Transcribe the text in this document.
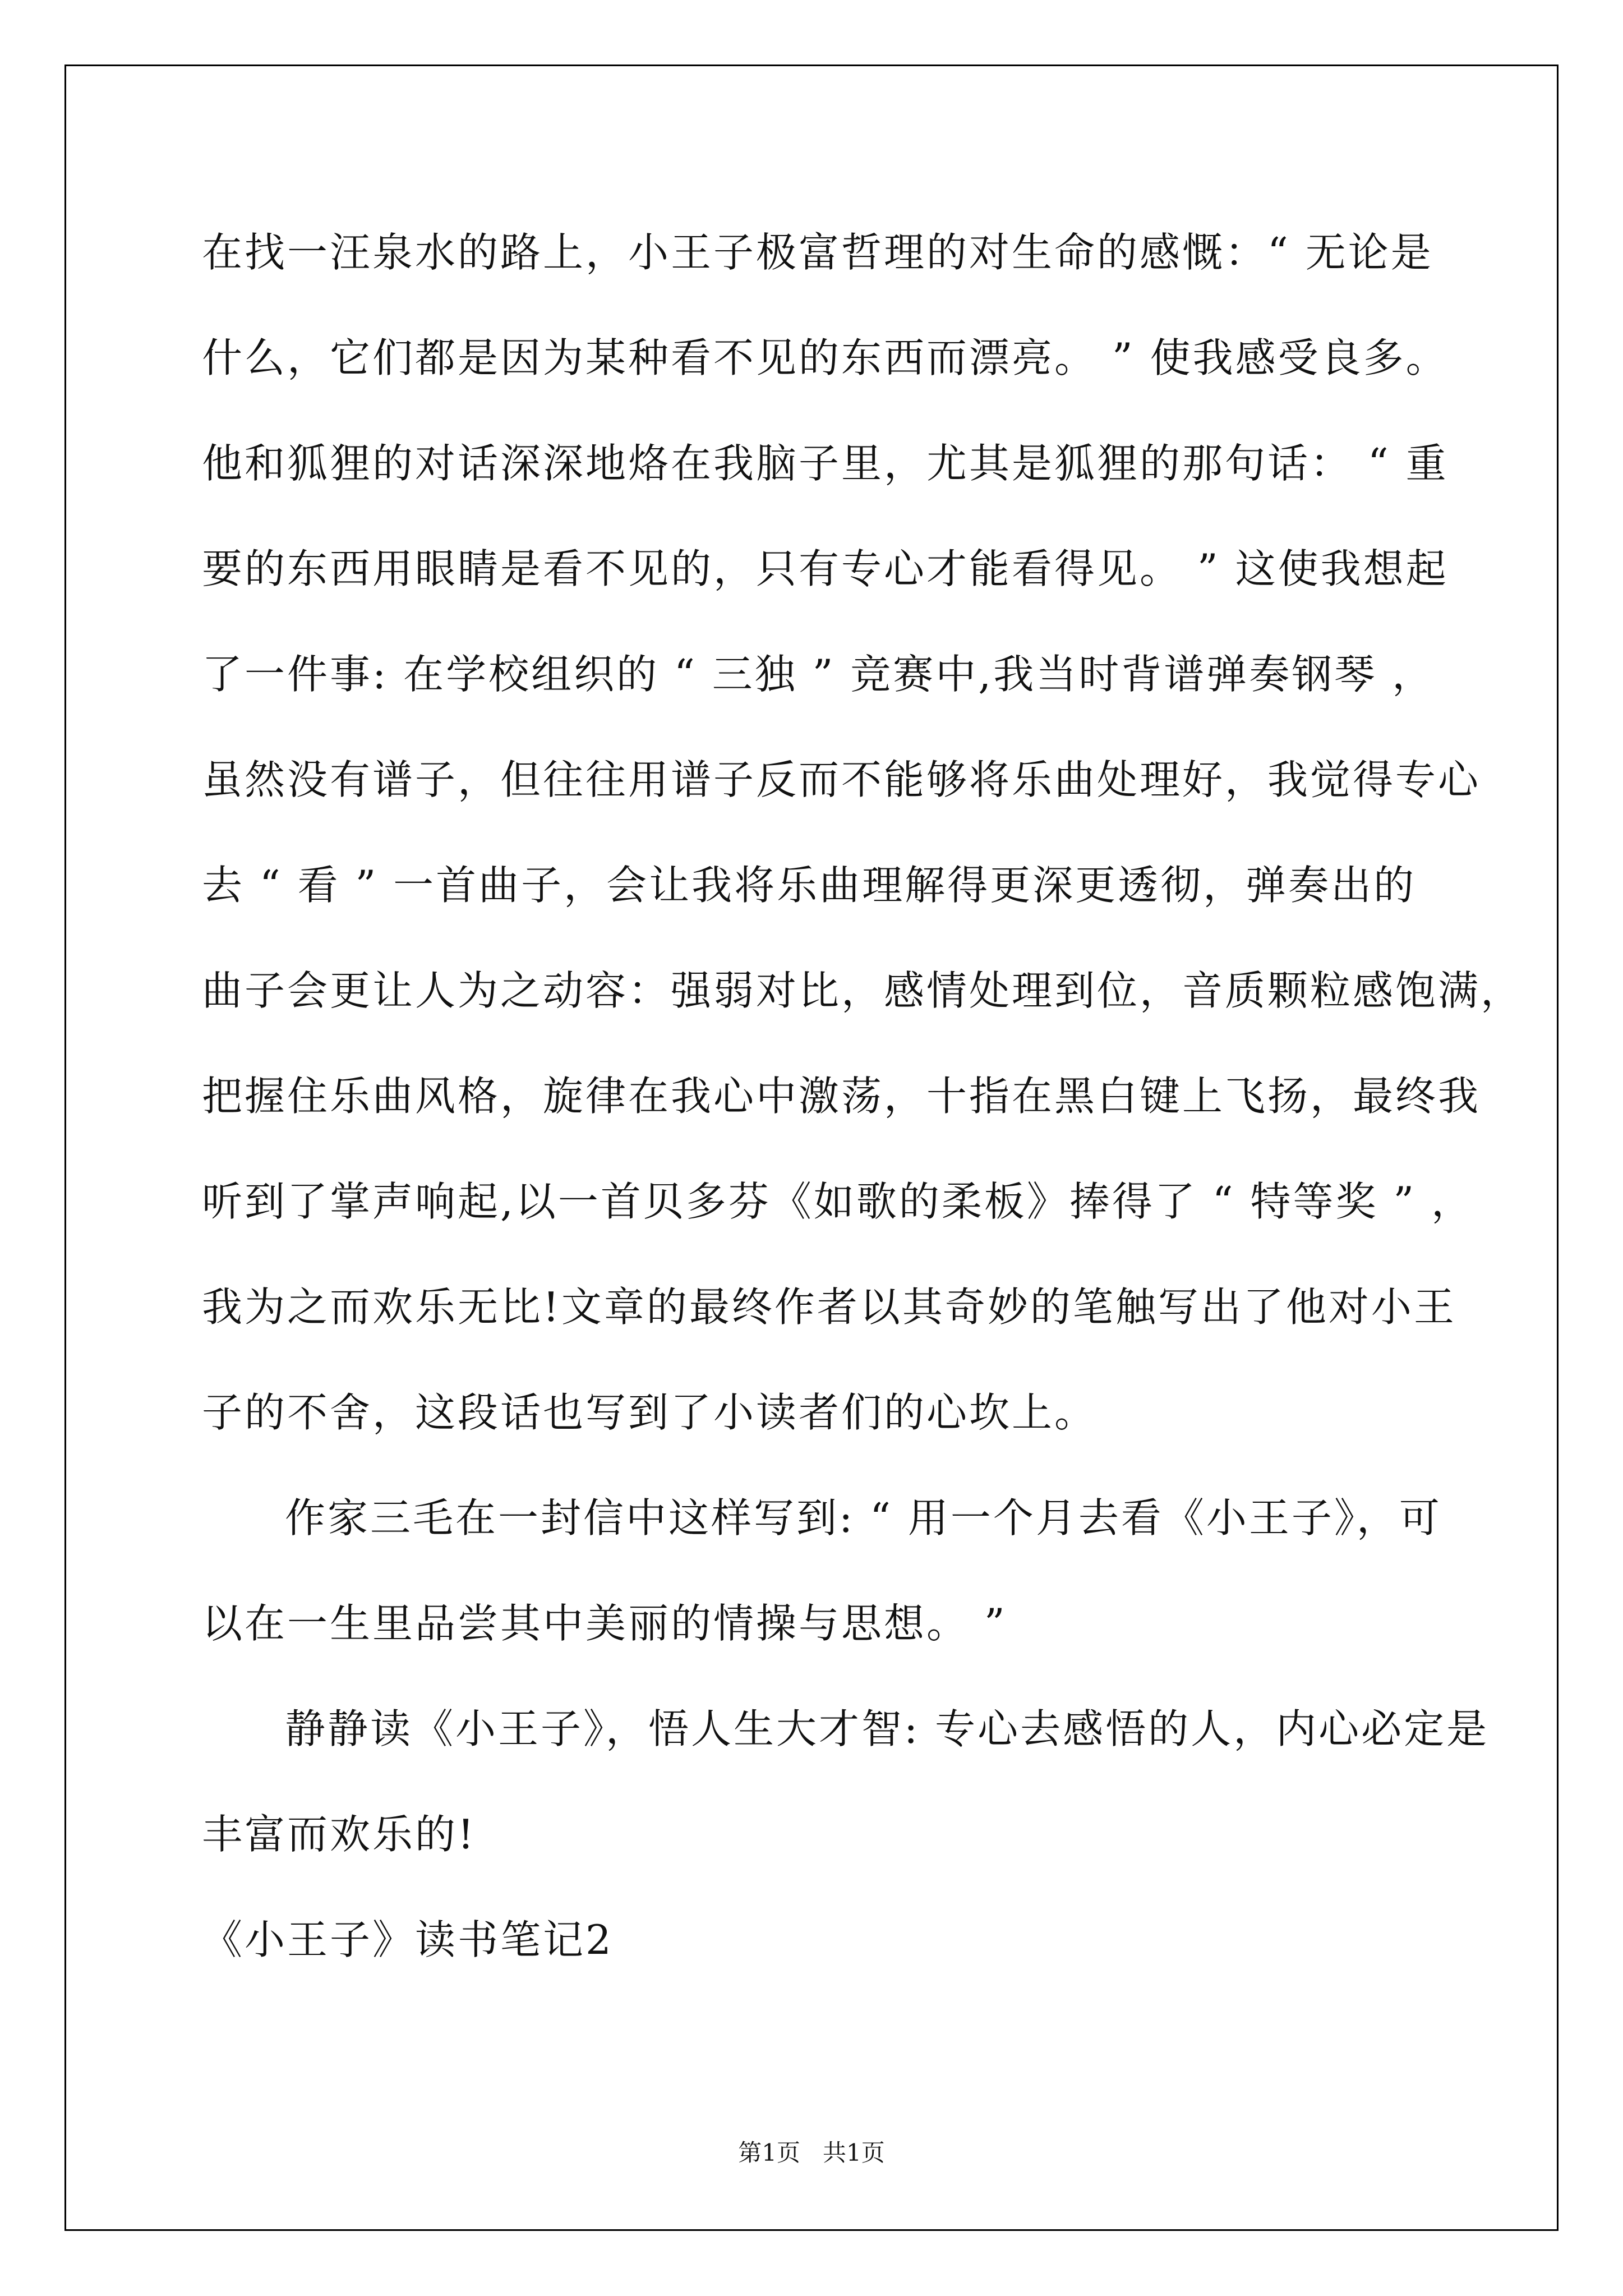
在找一汪泉水的路上，小王子极富哲理的对生命的感慨：“ 无论是
什么，它们都是因为某种看不见的东西而漂亮。 ” 使我感受良多。
他和狐狸的对话深深地烙在我脑子里，尤其是狐狸的那句话： “ 重
要的东西用眼睛是看不见的，只有专心才能看得见。 ” 这使我想起
了一件事: 在学校组织的 “ 三独 ” 竞赛中,我当时背谱弹奏钢琴 ，
虽然没有谱子，但往往用谱子反而不能够将乐曲处理好，我觉得专心
去 “ 看 ” 一首曲子，会让我将乐曲理解得更深更透彻，弹奏出的
曲子会更让人为之动容：强弱对比，感情处理到位，音质颗粒感饱满，
把握住乐曲风格，旋律在我心中激荡，十指在黑白键上飞扬，最终我
听到了掌声响起,以一首贝多芬《如歌的柔板》捧得了 “ 特等奖 ” ，
我为之而欢乐无比!文章的最终作者以其奇妙的笔触写出了他对小王
子的不舍，这段话也写到了小读者们的心坎上。
作家三毛在一封信中这样写到: “ 用一个月去看《小王子》，可
以在一生里品尝其中美丽的情操与思想。 ”
静静读《小王子》，悟人生大才智: 专心去感悟的人，内心必定是
丰富而欢乐的!
《小王子》读书笔记2
第1页   共1页
